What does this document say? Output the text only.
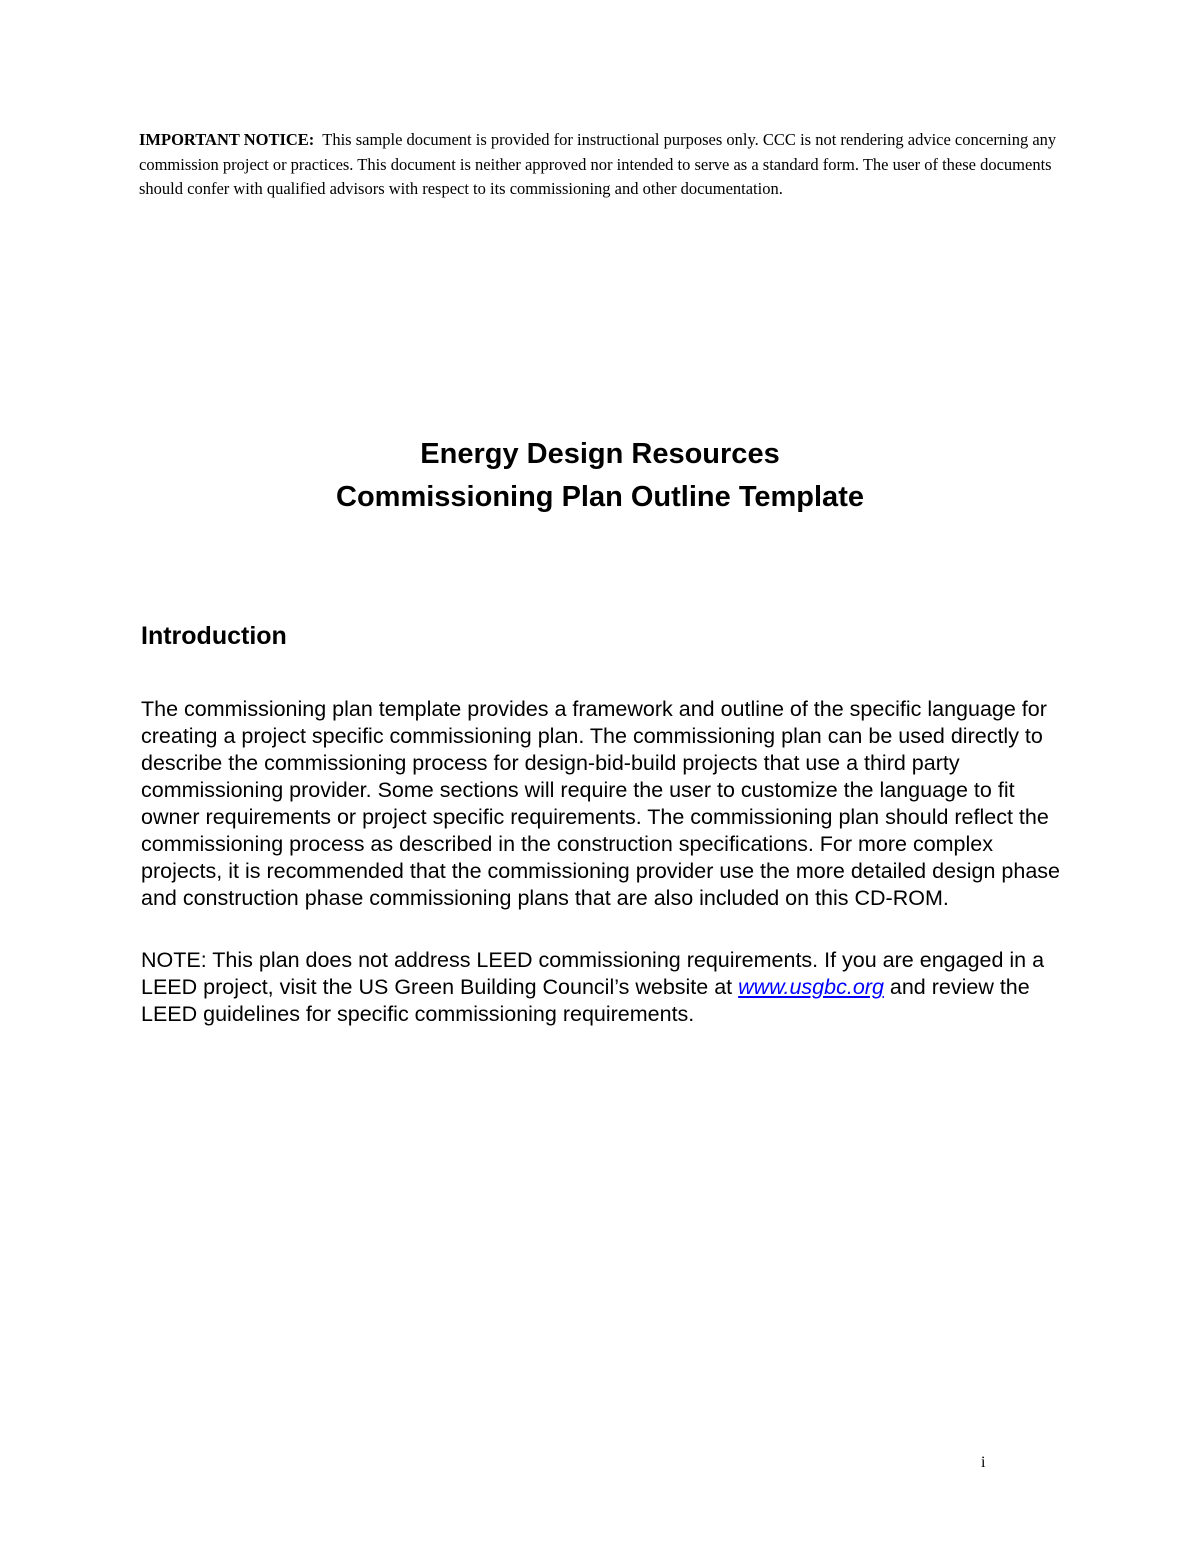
IMPORTANT NOTICE: This sample document is provided for instructional purposes only. CCC is not rendering advice concerning any commission project or practices. This document is neither approved nor intended to serve as a standard form. The user of these documents should confer with qualified advisors with respect to its commissioning and other documentation.
Energy Design Resources
Commissioning Plan Outline Template
Introduction

The commissioning plan template provides a framework and outline of the specific language for creating a project specific commissioning plan. The commissioning plan can be used directly to describe the commissioning process for design-bid-build projects that use a third party commissioning provider. Some sections will require the user to customize the language to fit owner requirements or project specific requirements. The commissioning plan should reflect the commissioning process as described in the construction specifications. For more complex projects, it is recommended that the commissioning provider use the more detailed design phase and construction phase commissioning plans that are also included on this CD-ROM.

NOTE: This plan does not address LEED commissioning requirements. If you are engaged in a LEED project, visit the US Green Building Council’s website at www.usgbc.org and review the LEED guidelines for specific commissioning requirements.

i
